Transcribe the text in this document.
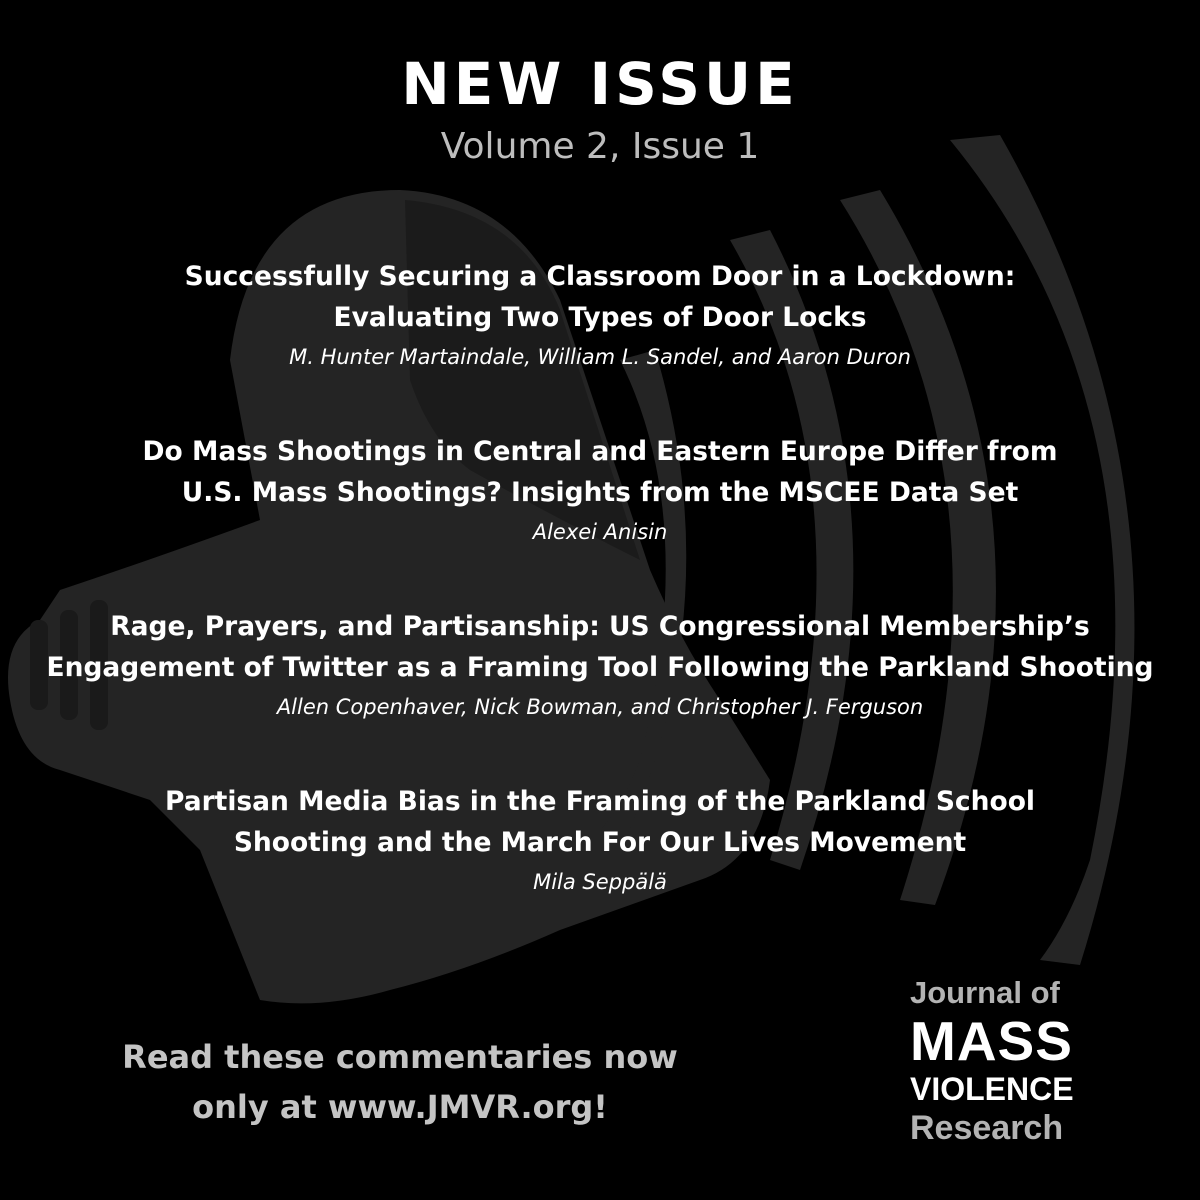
NEW ISSUE
Volume 2, Issue 1
Successfully Securing a Classroom Door in a Lockdown:
Evaluating Two Types of Door Locks
M. Hunter Martaindale, William L. Sandel, and Aaron Duron
Do Mass Shootings in Central and Eastern Europe Differ from
U.S. Mass Shootings? Insights from the MSCEE Data Set
Alexei Anisin
Rage, Prayers, and Partisanship: US Congressional Membership’s
Engagement of Twitter as a Framing Tool Following the Parkland Shooting
Allen Copenhaver, Nick Bowman, and Christopher J. Ferguson
Partisan Media Bias in the Framing of the Parkland School
Shooting and the March For Our Lives Movement
Mila Seppälä
Read these commentaries now
only at www.JMVR.org!
Journal of
MASS
VIOLENCE
Research
